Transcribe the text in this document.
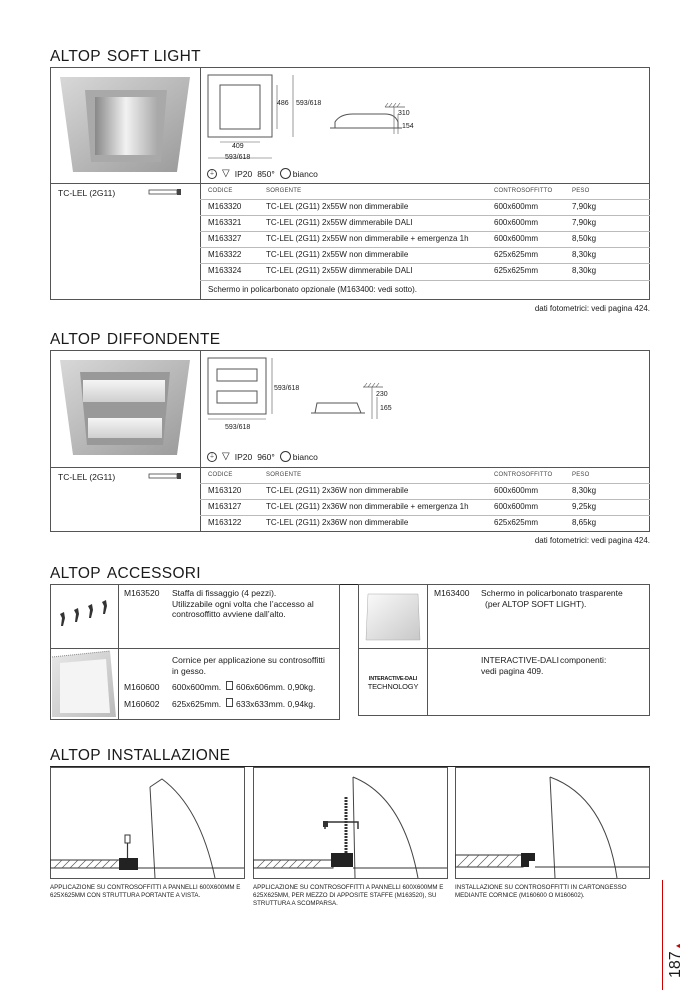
ALTOP SOFT LIGHT
409
593/618
486 593/618
310
154
⏚ ▽ IP20 850° bianco
TC-LEL (2G11)	CODICE	SORGENTE	CONTROSOFFITTO	PESO
M163320	TC-LEL (2G11) 2x55W non dimmerabile	600x600mm	7,90kg
M163321	TC-LEL (2G11) 2x55W dimmerabile DALI	600x600mm	7,90kg
M163327	TC-LEL (2G11) 2x55W non dimmerabile + emergenza 1h	600x600mm	8,50kg
M163322	TC-LEL (2G11) 2x55W non dimmerabile	625x625mm	8,30kg
M163324	TC-LEL (2G11) 2x55W dimmerabile DALI	625x625mm	8,30kg
Schermo in policarbonato opzionale (M163400: vedi sotto).
dati fotometrici: vedi pagina 424.
ALTOP DIFFONDENTE
593/618
593/618
230
165
⏚ ▽ IP20 960° bianco
TC-LEL (2G11)	CODICE	SORGENTE	CONTROSOFFITTO	PESO
M163120	TC-LEL (2G11) 2x36W non dimmerabile	600x600mm	8,30kg
M163127	TC-LEL (2G11) 2x36W non dimmerabile + emergenza 1h	600x600mm	9,25kg
M163122	TC-LEL (2G11) 2x36W non dimmerabile	625x625mm	8,65kg
dati fotometrici: vedi pagina 424.
ALTOP ACCESSORI
M163520 Staffa di fissaggio (4 pezzi).
Utilizzabile ogni volta che l’accesso al
controsoffitto avviene dall’alto.
Cornice per applicazione su controsoffitti
in gesso.
M160600 600x600mm. 606x606mm. 0,90kg.
M160602 625x625mm. 633x633mm. 0,94kg.
M163400 Schermo in policarbonato trasparente
(per ALTOP SOFT LIGHT).
INTERACTIVE-DALI
TECHNOLOGY
INTERACTIVE-DALI componenti:
vedi pagina 409.
ALTOP INSTALLAZIONE
APPLICAZIONE SU CONTROSOFFITTI A PANNELLI 600X600MM E 625X625MM CON STRUTTURA PORTANTE A VISTA.
APPLICAZIONE SU CONTROSOFFITTI A PANNELLI 600X600MM E 625X625MM, PER MEZZO DI APPOSITE STAFFE (M163520), SU STRUTTURA A SCOMPARSA.
INSTALLAZIONE SU CONTROSOFFITTI IN CARTONGESSO MEDIANTE CORNICE (M160600 O M160602).
187 ▲
